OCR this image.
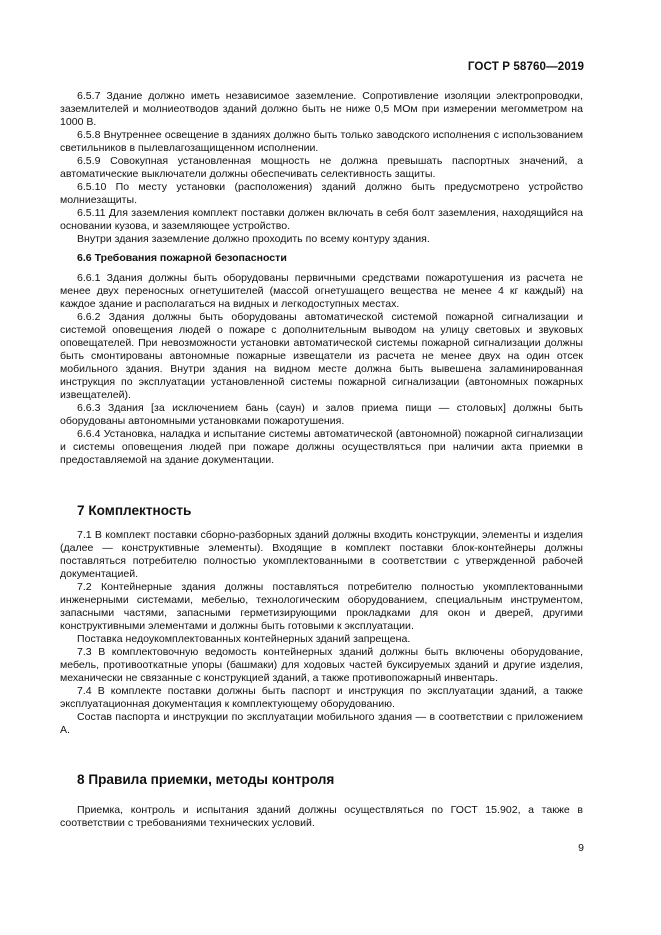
ГОСТ Р 58760—2019

6.5.7 Здание должно иметь независимое заземление. Сопротивление изоляции электропроводки, заземлителей и молниеотводов зданий должно быть не ниже 0,5 МОм при измерении мегомметром на 1000 В.

6.5.8 Внутреннее освещение в зданиях должно быть только заводского исполнения с использованием светильников в пылевлагозащищенном исполнении.

6.5.9 Совокупная установленная мощность не должна превышать паспортных значений, а автоматические выключатели должны обеспечивать селективность защиты.

6.5.10 По месту установки (расположения) зданий должно быть предусмотрено устройство молниезащиты.

6.5.11 Для заземления комплект поставки должен включать в себя болт заземления, находящийся на основании кузова, и заземляющее устройство.

Внутри здания заземление должно проходить по всему контуру здания.

6.6 Требования пожарной безопасности

6.6.1 Здания должны быть оборудованы первичными средствами пожаротушения из расчета не менее двух переносных огнетушителей (массой огнетушащего вещества не менее 4 кг каждый) на каждое здание и располагаться на видных и легкодоступных местах.

6.6.2 Здания должны быть оборудованы автоматической системой пожарной сигнализации и системой оповещения людей о пожаре с дополнительным выводом на улицу световых и звуковых оповещателей. При невозможности установки автоматической системы пожарной сигнализации должны быть смонтированы автономные пожарные извещатели из расчета не менее двух на один отсек мобильного здания. Внутри здания на видном месте должна быть вывешена заламинированная инструкция по эксплуатации установленной системы пожарной сигнализации (автономных пожарных извещателей).

6.6.3 Здания [за исключением бань (саун) и залов приема пищи — столовых] должны быть оборудованы автономными установками пожаротушения.

6.6.4 Установка, наладка и испытание системы автоматической (автономной) пожарной сигнализации и системы оповещения людей при пожаре должны осуществляться при наличии акта приемки в предоставляемой на здание документации.

7 Комплектность

7.1 В комплект поставки сборно-разборных зданий должны входить конструкции, элементы и изделия (далее — конструктивные элементы). Входящие в комплект поставки блок-контейнеры должны поставляться потребителю полностью укомплектованными в соответствии с утвержденной рабочей документацией.

7.2 Контейнерные здания должны поставляться потребителю полностью укомплектованными инженерными системами, мебелью, технологическим оборудованием, специальным инструментом, запасными частями, запасными герметизирующими прокладками для окон и дверей, другими конструктивными элементами и должны быть готовыми к эксплуатации.

Поставка недоукомплектованных контейнерных зданий запрещена.

7.3 В комплектовочную ведомость контейнерных зданий должны быть включены оборудование, мебель, противооткатные упоры (башмаки) для ходовых частей буксируемых зданий и другие изделия, механически не связанные с конструкцией зданий, а также противопожарный инвентарь.

7.4 В комплекте поставки должны быть паспорт и инструкция по эксплуатации зданий, а также эксплуатационная документация к комплектующему оборудованию.

Состав паспорта и инструкции по эксплуатации мобильного здания — в соответствии с приложением А.

8 Правила приемки, методы контроля

Приемка, контроль и испытания зданий должны осуществляться по ГОСТ 15.902, а также в соответствии с требованиями технических условий.

9
